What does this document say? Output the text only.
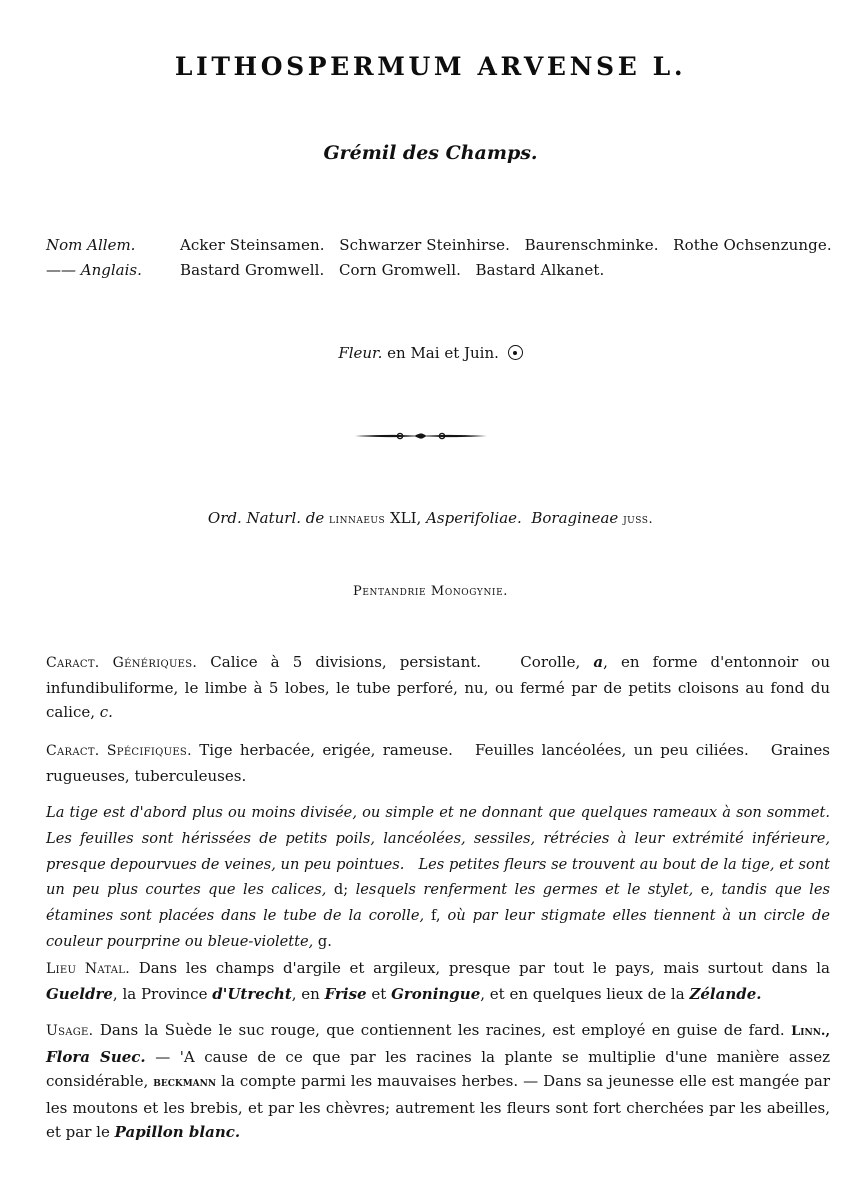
LITHOSPERMUM ARVENSE L.
Grémil des Champs.
Nom Allem.	Acker Steinsamen.   Schwarzer Steinhirse.   Baurenschminke.   Rothe Ochsenzunge.
—— Anglais.	Bastard Gromwell.   Corn Gromwell.   Bastard Alkanet.
Fleur. en Mai et Juin.
Ord. Naturl. de linnaeus XLI, Asperifoliae. Boragineae juss.
Pentandrie Monogynie.

Caract. Génériques. Calice à 5 divisions, persistant.   Corolle, a, en forme d'entonnoir ou infundibuliforme, le limbe à 5 lobes, le tube perforé, nu, ou fermé par de petits cloisons au fond du calice, c.

Caract. Spécifiques. Tige herbacée, erigée, rameuse.   Feuilles lancéolées, un peu ciliées.   Graines rugueuses, tuberculeuses.

La tige est d'abord plus ou moins divisée, ou simple et ne donnant que quelques rameaux à son sommet.   Les feuilles sont hérissées de petits poils, lancéolées, sessiles, rétrécies à leur extrémité inférieure, presque depourvues de veines, un peu pointues.   Les petites fleurs se trouvent au bout de la tige, et sont un peu plus courtes que les calices, d; lesquels renferment les germes et le stylet, e, tandis que les étamines sont placées dans le tube de la corolle, f, où par leur stigmate elles tiennent à un circle de couleur pourprine ou bleue-violette, g.

Lieu Natal. Dans les champs d'argile et argileux, presque par tout le pays, mais surtout dans la Gueldre, la Province d'Utrecht, en Frise et Groningue, et en quelques lieux de la Zélande.

Usage. Dans la Suède le suc rouge, que contiennent les racines, est employé en guise de fard. Linn., Flora Suec. — 'A cause de ce que par les racines la plante se multiplie d'une manière assez considérable, beckmann la compte parmi les mauvaises herbes. — Dans sa jeunesse elle est mangée par les moutons et les brebis, et par les chèvres; autrement les fleurs sont fort cherchées par les abeilles, et par le Papillon blanc.
